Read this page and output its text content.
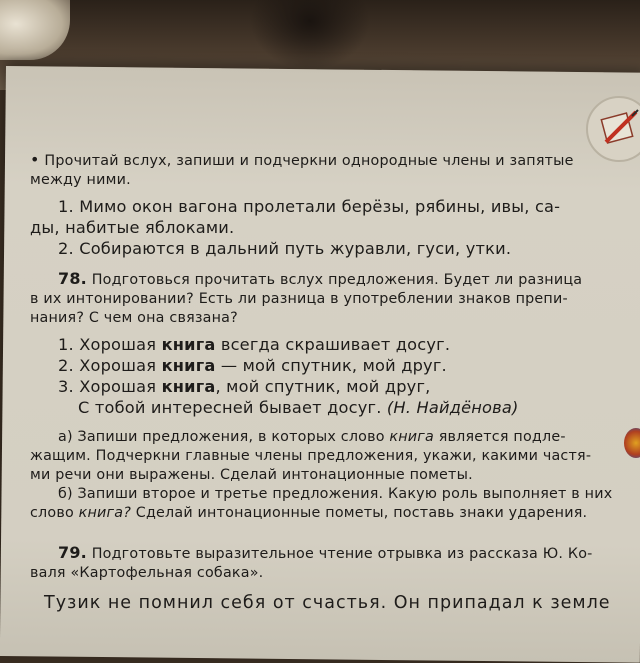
• Прочитай вслух, запиши и подчеркни однородные члены и запятые
между ними.

1. Мимо окон вагона пролетали берёзы, рябины, ивы, са-

ды, набитые яблоками.

2. Собираются в дальний путь журавли, гуси, утки.

78. Подготовься прочитать вслух предложения. Будет ли разница

в их интонировании? Есть ли разница в употреблении знаков препи-

нания? С чем она связана?

1. Хорошая книга всегда скрашивает досуг.

2. Хорошая книга — мой спутник, мой друг.

3. Хорошая книга, мой спутник, мой друг,

С тобой интересней бывает досуг. (Н. Найдёнова)

а) Запиши предложения, в которых слово книга является подле-

жащим. Подчеркни главные члены предложения, укажи, какими частя-

ми речи они выражены. Сделай интонационные пометы.

б) Запиши второе и третье предложения. Какую роль выполняет в них

слово книга? Сделай интонационные пометы, поставь знаки ударения.

79. Подготовьте выразительное чтение отрывка из рассказа Ю. Ко-

валя «Картофельная собака».

Тузик не помнил себя от счастья. Он припадал к земле
